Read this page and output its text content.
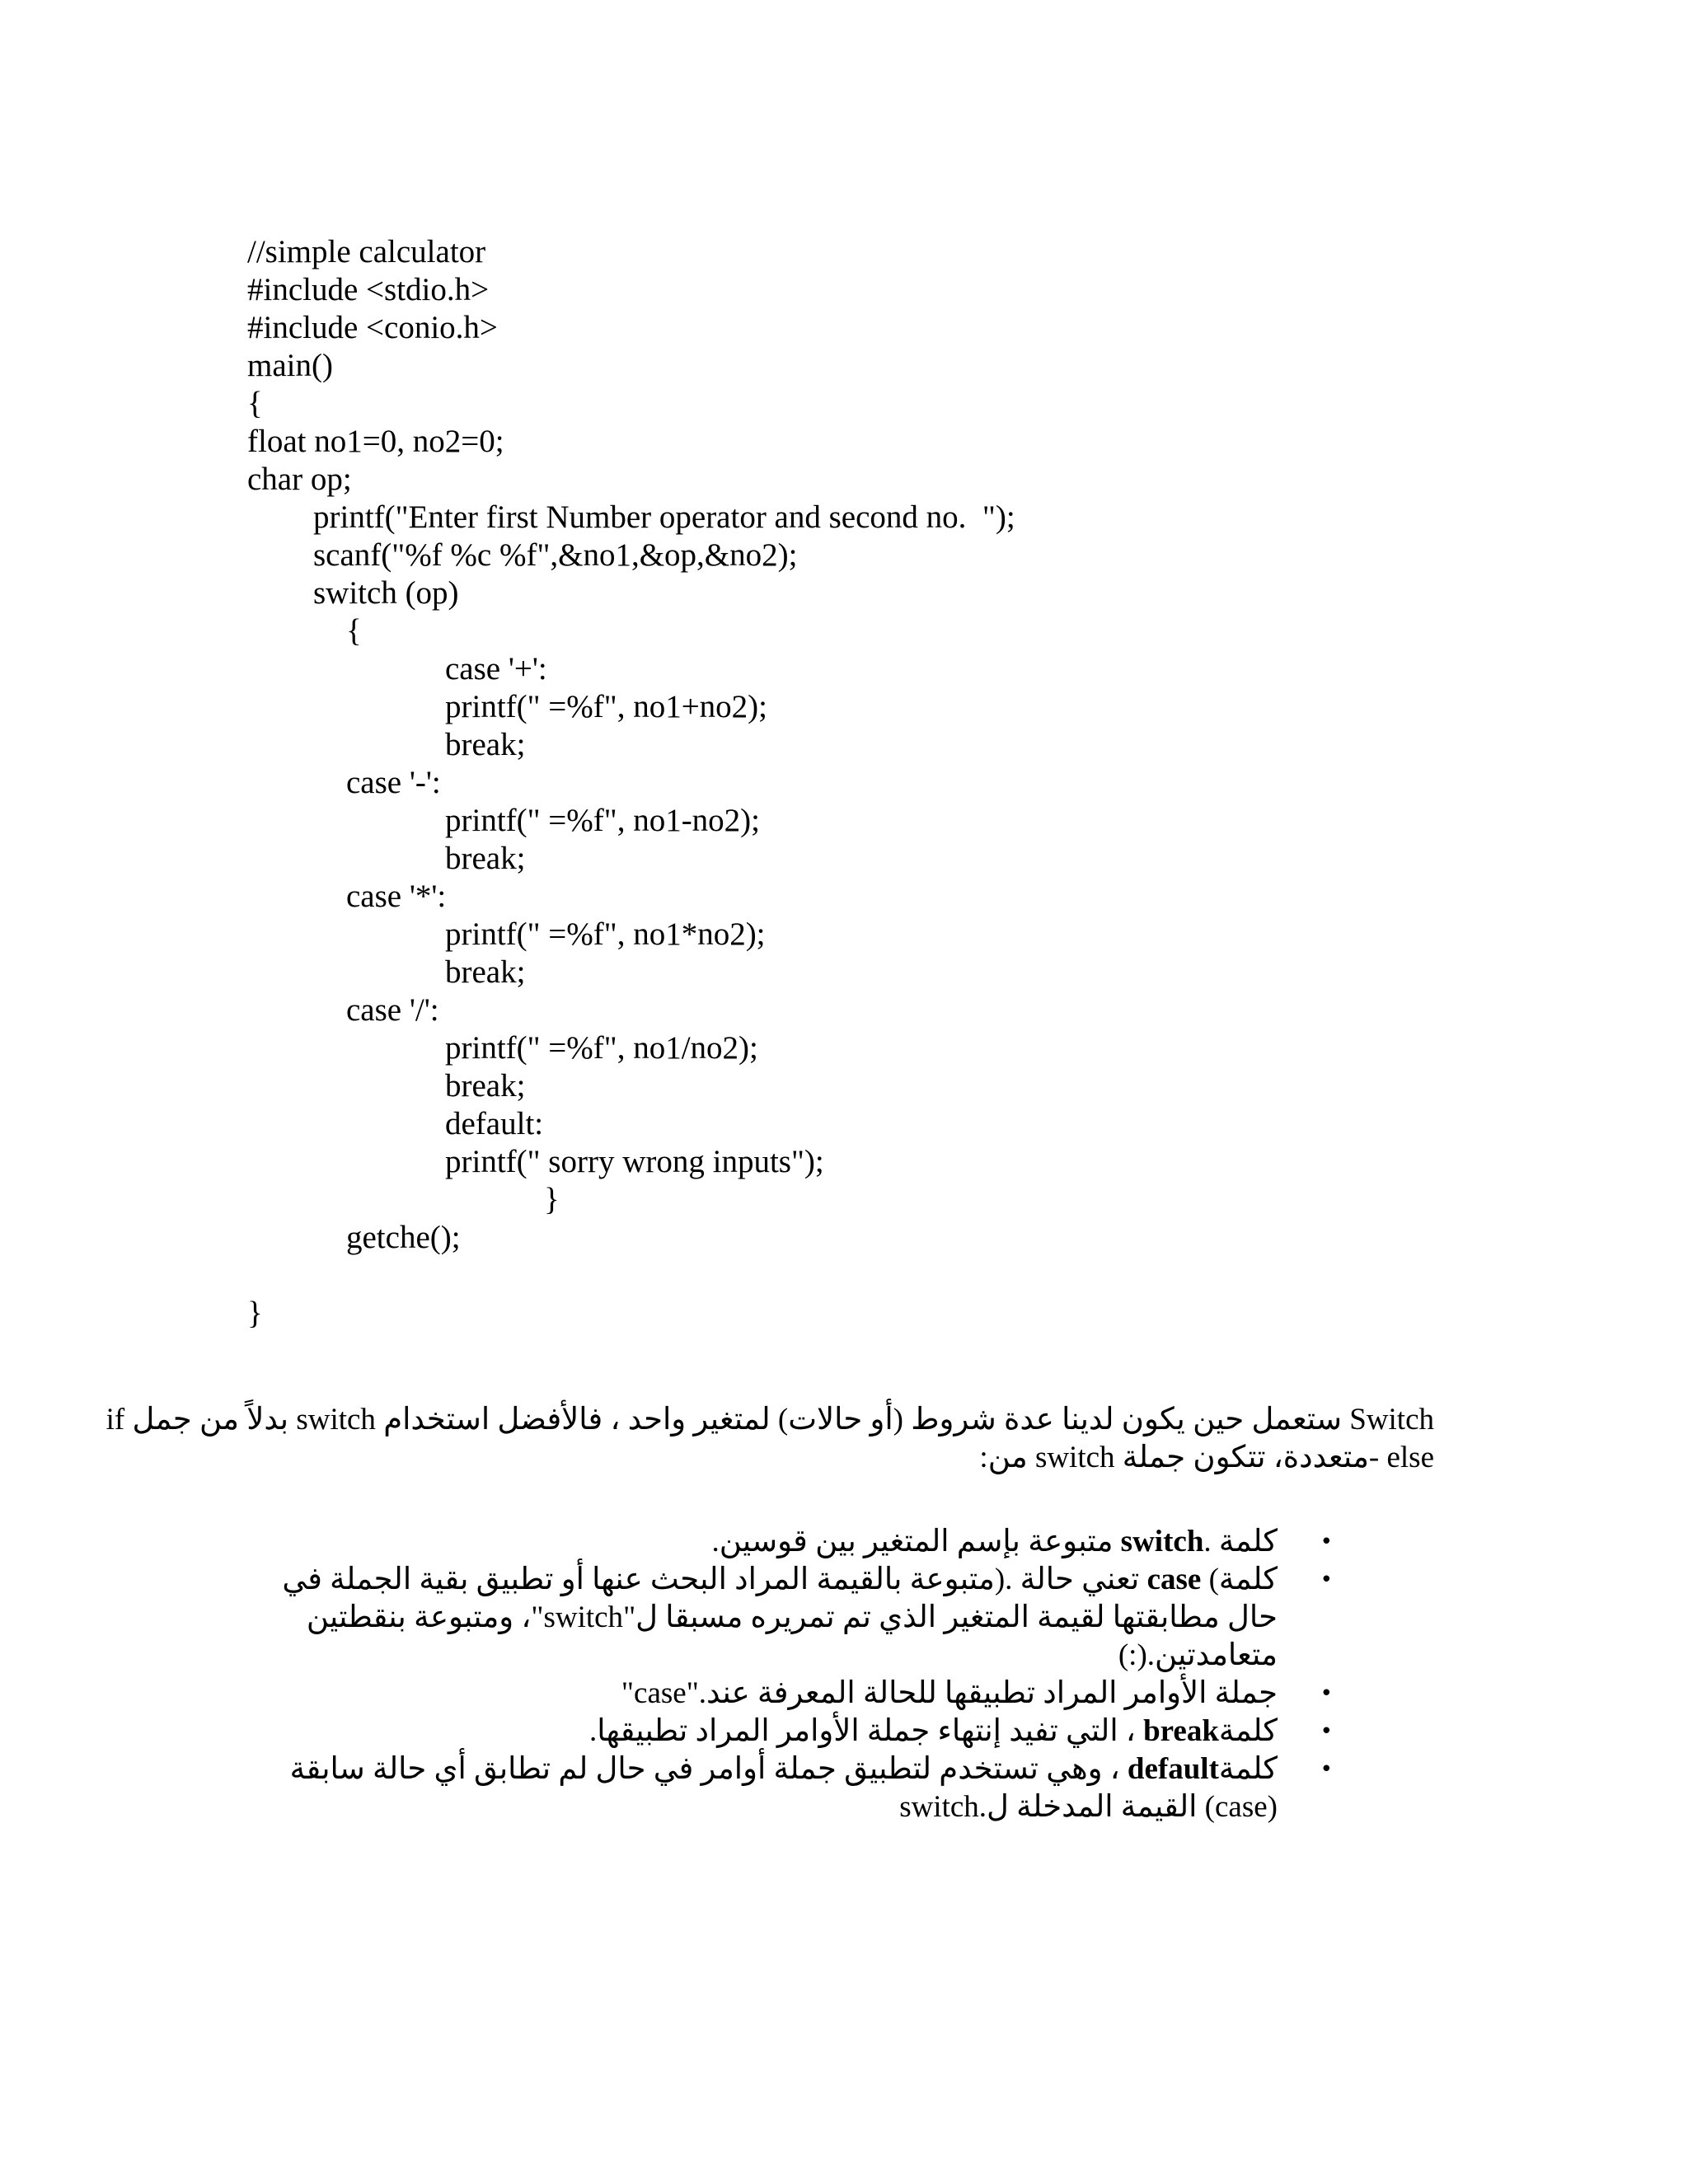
//simple calculator
#include <stdio.h>
#include <conio.h>
main()
{
float no1=0, no2=0;
char op;
printf("Enter first Number operator and second no.  ");
scanf("%f %c %f",&no1,&op,&no2);
switch (op)
{
case '+':
printf(" =%f", no1+no2);
break;
case '-':
printf(" =%f", no1-no2);
break;
case '*':
printf(" =%f", no1*no2);
break;
case '/':
printf(" =%f", no1/no2);
break;
default:
printf(" sorry wrong inputs");
}
getche();
}
Switch ستعمل حين يكون لدينا عدة شروط (أو حالات) لمتغير واحد ، فالأفضل استخدام switch بدلاً من جمل if
else -متعددة، تتكون جملة switch من:
•
كلمة .switch متبوعة بإسم المتغير بين قوسين.
•
كلمة) case تعني حالة .(متبوعة بالقيمة المراد البحث عنها أو تطبيق بقية الجملة في حال مطابقتها لقيمة المتغير الذي تم تمريره مسبقا ل"switch"، ومتبوعة بنقطتين متعامدتين.(:)
•
جملة الأوامر المراد تطبيقها للحالة المعرفة عند."case"
•
كلمةbreak ، التي تفيد إنتهاء جملة الأوامر المراد تطبيقها.
•
كلمةdefault ، وهي تستخدم لتطبيق جملة أوامر في حال لم تطابق أي حالة سابقة (case) القيمة المدخلة ل.switch
